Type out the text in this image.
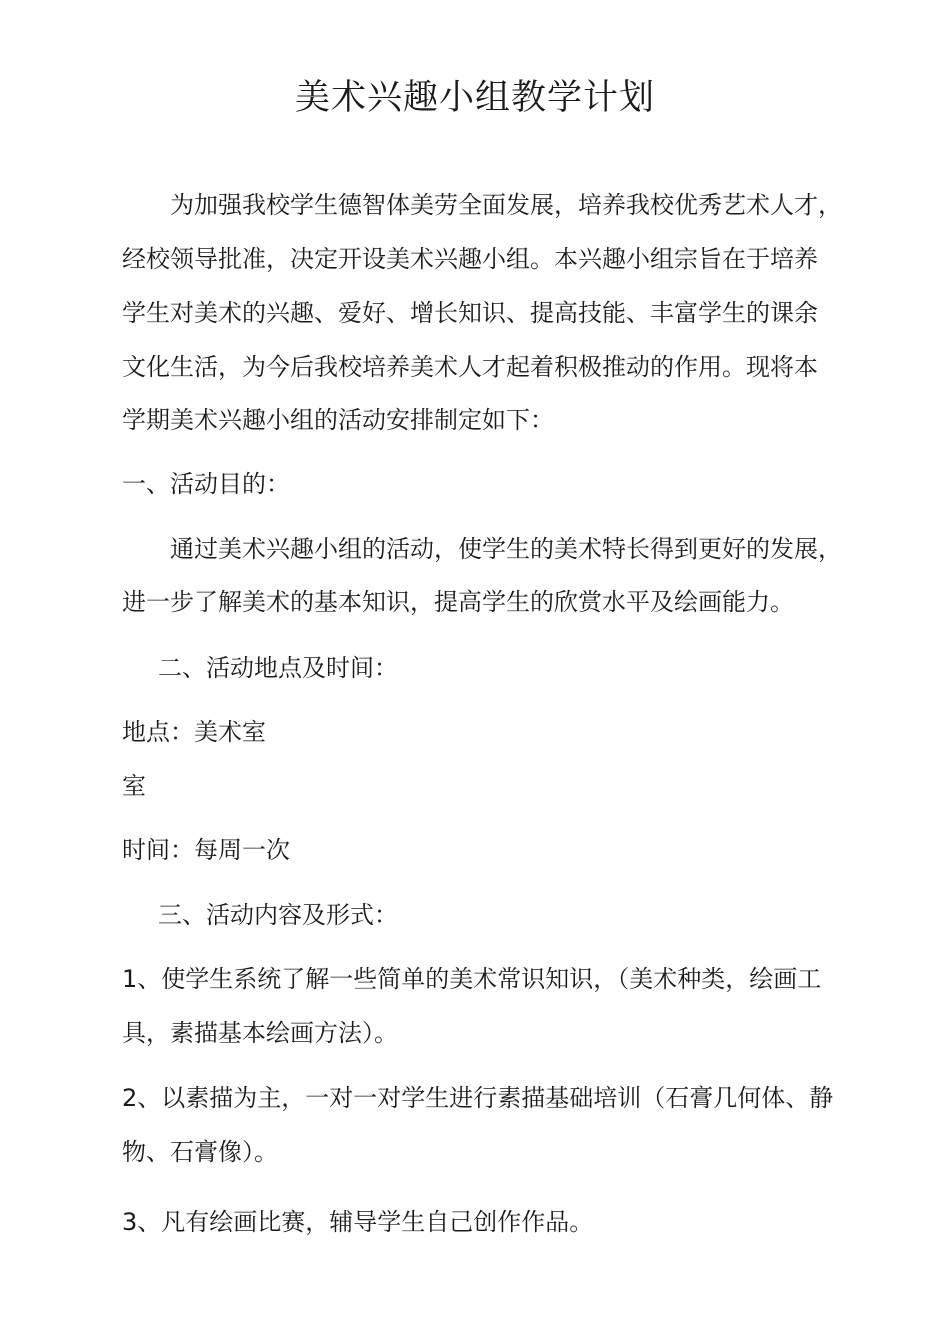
美术兴趣小组教学计划
为加强我校学生德智体美劳全面发展，培养我校优秀艺术人才，
经校领导批准，决定开设美术兴趣小组。本兴趣小组宗旨在于培养
学生对美术的兴趣、爱好、增长知识、提高技能、丰富学生的课余
文化生活，为今后我校培养美术人才起着积极推动的作用。现将本
学期美术兴趣小组的活动安排制定如下：
一、活动目的：
通过美术兴趣小组的活动，使学生的美术特长得到更好的发展，
进一步了解美术的基本知识，提高学生的欣赏水平及绘画能力。
二、活动地点及时间：
地点：美术室
室
时间：每周一次
三、活动内容及形式：
1、使学生系统了解一些简单的美术常识知识，（美术种类，绘画工
具，素描基本绘画方法）。
2、以素描为主，一对一对学生进行素描基础培训（石膏几何体、静
物、石膏像）。
3、凡有绘画比赛，辅导学生自己创作作品。
